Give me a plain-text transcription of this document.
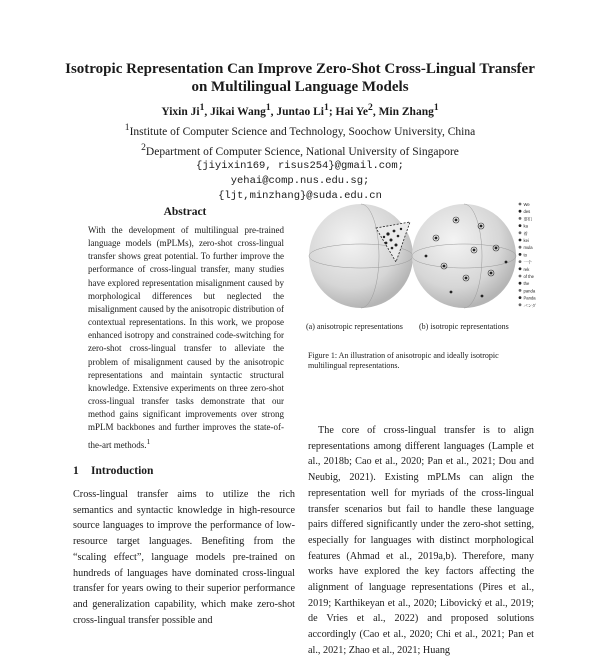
Isotropic Representation Can Improve Zero-Shot Cross-Lingual Transfer
on Multilingual Language Models
Yixin Ji$^1$, Jikai Wang$^1$, Juntao Li$^1$; Hai Ye$^2$, Min Zhang$^1$
$^1$Institute of Computer Science and Technology, Soochow University, China
$^2$Department of Computer Science, National University of Singapore
{jiyixin169, risus254}@gmail.com;
yehai@comp.nus.edu.sg;
{ljt,minzhang}@suda.edu.cn
Abstract

With the development of multilingual pre-trained language models (mPLMs), zero-shot cross-lingual transfer shows great potential. To further improve the performance of cross-lingual transfer, many studies have explored representation misalignment caused by morphological differences but neglected the misalignment caused by the anisotropic distribution of contextual representations. In this work, we propose enhanced isotropy and constrained code-switching for zero-shot cross-lingual transfer to alleviate the problem of misalignment caused by the anisotropic representations and maintain syntactic structural knowledge. Extensive experiments on three zero-shot cross-lingual transfer tasks demonstrate that our method gains significant improvements over strong mPLM backbones and further improves the state-of-the-art methods.$^1$

1 Introduction

Cross-lingual transfer aims to utilize the rich semantics and syntactic knowledge in high-resource source languages to improve the performance of low-resource target languages. Benefiting from the “scaling effect”, language models pre-trained on hundreds of languages have dominated cross-lingual transfer for years owing to their superior performance and generalization capability, which make zero-shot cross-lingual transfer possible and

We
des
要们
ka
着
kei
mula
to
一个
rek
of the
the
panda
Panda
パンダ
(a) anisotropic representations	(b) isotropic representations
Figure 1: An illustration of anisotropic and ideally isotropic multilingual representations.

The core of cross-lingual transfer is to align representations among different languages (Lample et al., 2018b; Cao et al., 2020; Pan et al., 2021; Dou and Neubig, 2021). Existing mPLMs can align the representation well for myriads of the cross-lingual transfer scenarios but fail to handle these language pairs differed significantly under the zero-shot setting, especially for languages with distinct morphological features (Ahmad et al., 2019a,b). Therefore, many works have explored the key factors affecting the alignment of language representations (Pires et al., 2019; Karthikeyan et al., 2020; Libovický et al., 2019; de Vries et al., 2022) and proposed solutions accordingly (Cao et al., 2020; Chi et al., 2021; Pan et al., 2021; Zhao et al., 2021; Huang
